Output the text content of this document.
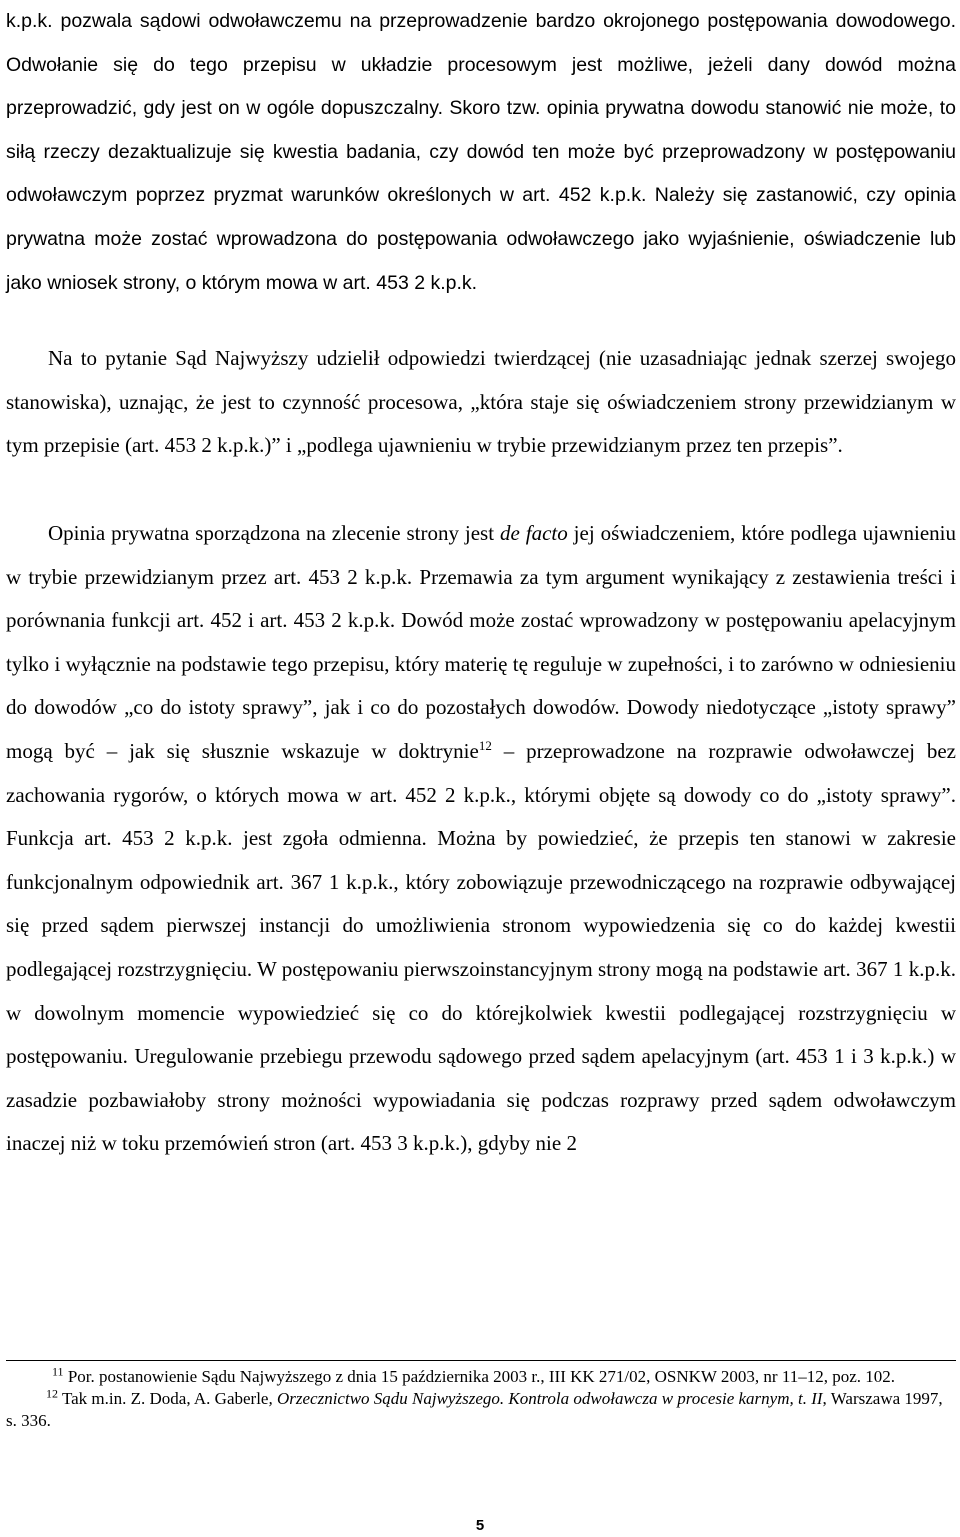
k.p.k. pozwala sądowi odwoławczemu na przeprowadzenie bardzo okrojonego postępowania dowodowego. Odwołanie się do tego przepisu w układzie procesowym jest możliwe, jeżeli dany dowód można przeprowadzić, gdy jest on w ogóle dopuszczalny. Skoro tzw. opinia prywatna dowodu stanowić nie może, to siłą rzeczy dezaktualizuje się kwestia badania, czy dowód ten może być przeprowadzony w postępowaniu odwoławczym poprzez pryzmat warunków określonych w art. 452 k.p.k. Należy się zastanowić, czy opinia prywatna może zostać wprowadzona do postępowania odwoławczego jako wyjaśnienie, oświadczenie lub jako wniosek strony, o którym mowa w art. 453 2 k.p.k.

Na to pytanie Sąd Najwyższy udzielił odpowiedzi twierdzącej (nie uzasadniając jednak szerzej swojego stanowiska), uznając, że jest to czynność procesowa, „która staje się oświadczeniem strony przewidzianym w tym przepisie (art. 453 2 k.p.k.)” i „podlega ujawnieniu w trybie przewidzianym przez ten przepis”.

Opinia prywatna sporządzona na zlecenie strony jest de facto jej oświadczeniem, które podlega ujawnieniu w trybie przewidzianym przez art. 453 2 k.p.k. Przemawia za tym argument wynikający z zestawienia treści i porównania funkcji art. 452 i art. 453 2 k.p.k. Dowód może zostać wprowadzony w postępowaniu apelacyjnym tylko i wyłącznie na podstawie tego przepisu, który materię tę reguluje w zupełności, i to zarówno w odniesieniu do dowodów „co do istoty sprawy”, jak i co do pozostałych dowodów. Dowody niedotyczące „istoty sprawy” mogą być – jak się słusznie wskazuje w doktrynie$^{12}$ – przeprowadzone na rozprawie odwoławczej bez zachowania rygorów, o których mowa w art. 452 2 k.p.k., którymi objęte są dowody co do „istoty sprawy”. Funkcja art. 453 2 k.p.k. jest zgoła odmienna. Można by powiedzieć, że przepis ten stanowi w zakresie funkcjonalnym odpowiednik art. 367 1 k.p.k., który zobowiązuje przewodniczącego na rozprawie odbywającej się przed sądem pierwszej instancji do umożliwienia stronom wypowiedzenia się co do każdej kwestii podlegającej rozstrzygnięciu. W postępowaniu pierwszoinstancyjnym strony mogą na podstawie art. 367 1 k.p.k. w dowolnym momencie wypowiedzieć się co do którejkolwiek kwestii podlegającej rozstrzygnięciu w postępowaniu. Uregulowanie przebiegu przewodu sądowego przed sądem apelacyjnym (art. 453 1 i 3 k.p.k.) w zasadzie pozbawiałoby strony możności wypowiadania się podczas rozprawy przed sądem odwoławczym inaczej niż w toku przemówień stron (art. 453 3 k.p.k.), gdyby nie 2

$^{11}$ Por. postanowienie Sądu Najwyższego z dnia 15 października 2003 r., III KK 271/02, OSNKW 2003, nr 11–12, poz. 102.

$^{12}$ Tak m.in. Z. Doda, A. Gaberle, Orzecznictwo Sądu Najwyższego. Kontrola odwoławcza w procesie karnym, t. II, Warszawa 1997, s. 336.

5
